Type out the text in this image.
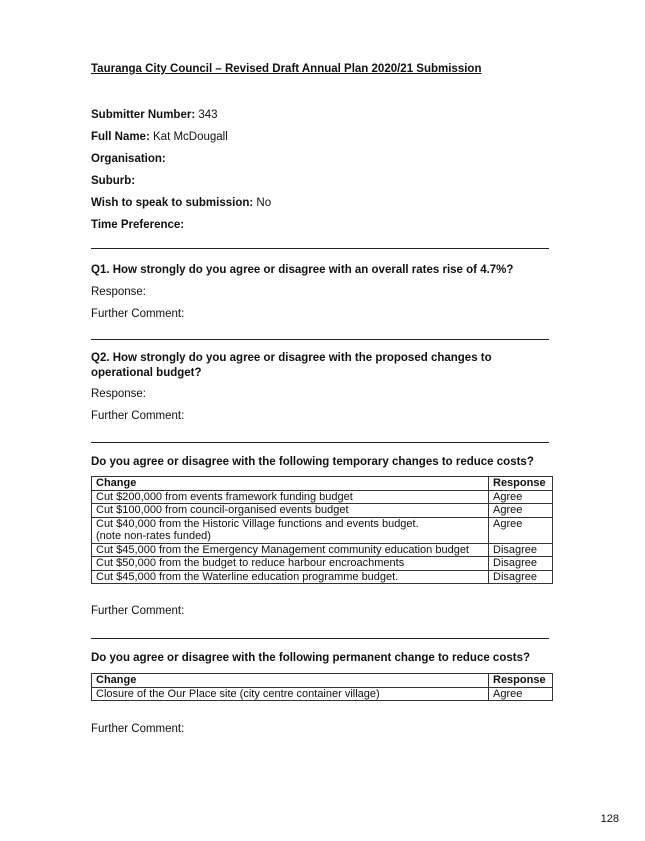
Tauranga City Council – Revised Draft Annual Plan 2020/21 Submission
Submitter Number: 343
Full Name: Kat McDougall
Organisation:
Suburb:
Wish to speak to submission: No
Time Preference:
Q1. How strongly do you agree or disagree with an overall rates rise of 4.7%?
Response:
Further Comment:
Q2. How strongly do you agree or disagree with the proposed changes to operational budget?
Response:
Further Comment:
Do you agree or disagree with the following temporary changes to reduce costs?
Change	Response
Cut $200,000 from events framework funding budget	Agree
Cut $100,000 from council-organised events budget	Agree

Cut $40,000 from the Historic Village functions and events budget.
(note non-rates funded)	Agree
Cut $45,000 from the Emergency Management community education budget	Disagree
Cut $50,000 from the budget to reduce harbour encroachments	Disagree
Cut $45,000 from the Waterline education programme budget.	Disagree
Further Comment:
Do you agree or disagree with the following permanent change to reduce costs?
Change	Response
Closure of the Our Place site (city centre container village)	Agree
Further Comment:
128
